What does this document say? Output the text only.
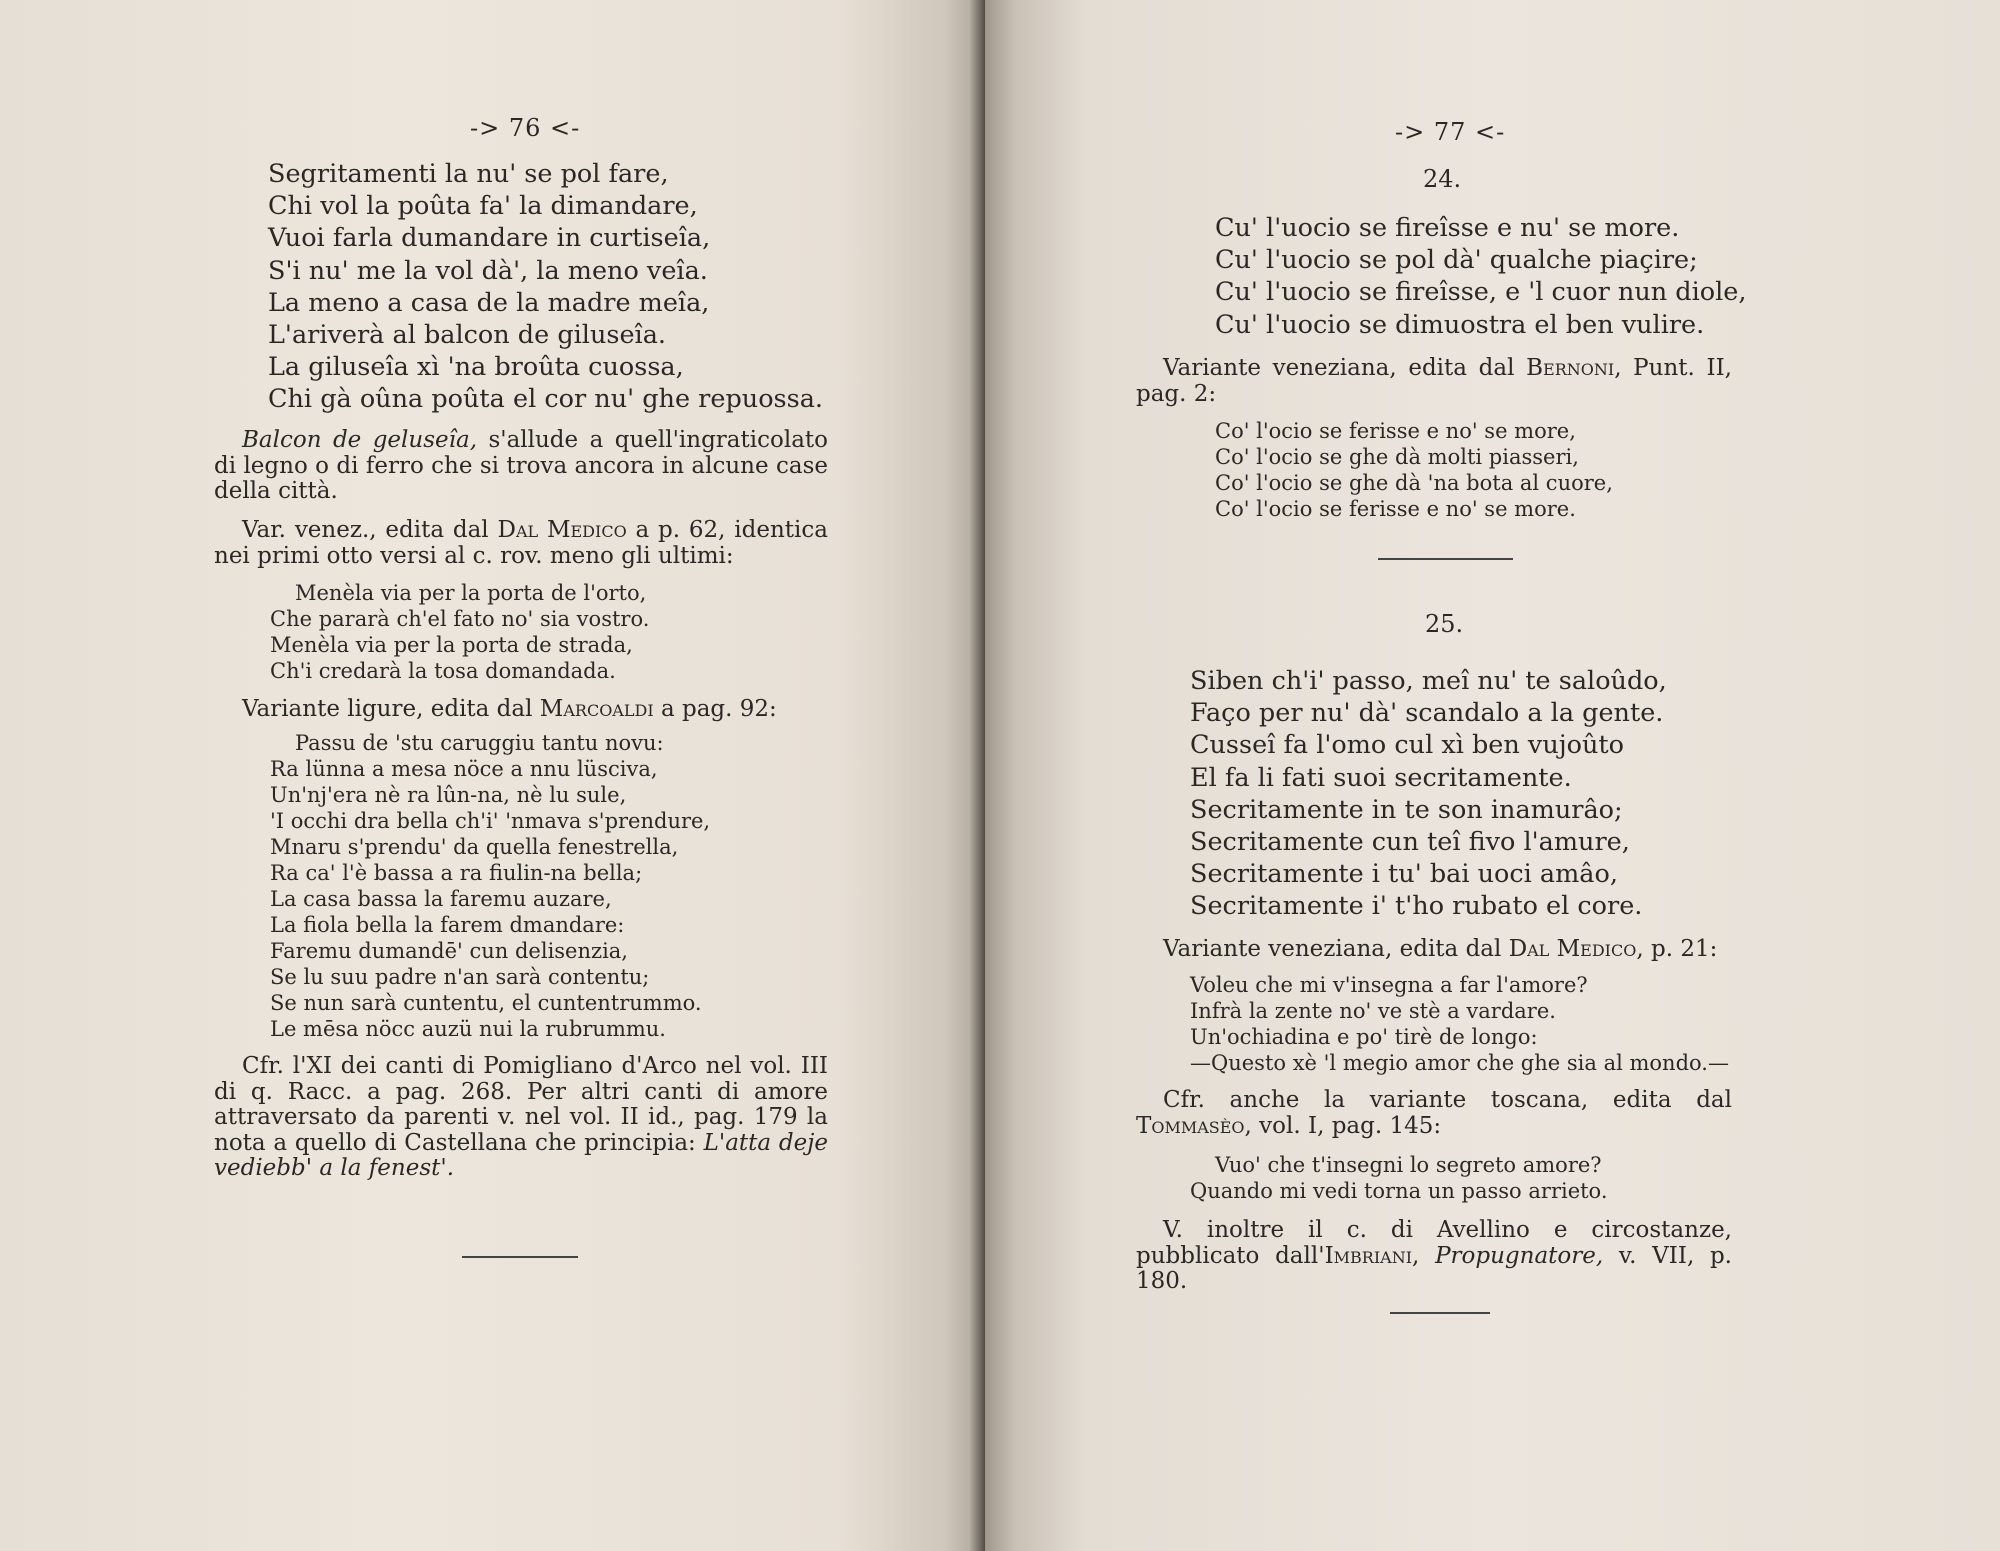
-> 76 <-
Segritamenti la nu' se pol fare,
Chi vol la poûta fa' la dimandare,
Vuoi farla dumandare in curtiseîa,
S'i nu' me la vol dà', la meno veîa.
La meno a casa de la madre meîa,
L'ariverà al balcon de giluseîa.
La giluseîa xì 'na broûta cuossa,
Chi gà oûna poûta el cor nu' ghe repuossa.

Balcon de geluseîa, s'allude a quell'ingraticolato di legno o di ferro che si trova ancora in alcune case della città.

Var. venez., edita dal Dal Medico a p. 62, identica nei primi otto versi al c. rov. meno gli ultimi:

Menèla via per la porta de l'orto,
Che pararà ch'el fato no' sia vostro.
Menèla via per la porta de strada,
Ch'i credarà la tosa domandada.

Variante ligure, edita dal Marcoaldi a pag. 92:

Passu de 'stu caruggiu tantu novu:
Ra lünna a mesa nöce a nnu lüsciva,
Un'nj'era nè ra lûn-na, nè lu sule,
'I occhi dra bella ch'i' 'nmava s'prendure,
Mnaru s'prendu' da quella fenestrella,
Ra ca' l'è bassa a ra fiulin-na bella;
La casa bassa la faremu auzare,
La fiola bella la farem dmandare:
Faremu dumandē' cun delisenzia,
Se lu suu padre n'an sarà contentu;
Se nun sarà cuntentu, el cuntentrummo.
Le mēsa nöcc auzü nui la rubrummu.

Cfr. l'XI dei canti di Pomigliano d'Arco nel vol. III di q. Racc. a pag. 268. Per altri canti di amore attraversato da parenti v. nel vol. II id., pag. 179 la nota a quello di Castellana che principia: L'atta deje vediebb' a la fenest'.

-> 77 <-
24.
Cu' l'uocio se fireîsse e nu' se more.
Cu' l'uocio se pol dà' qualche piaçire;
Cu' l'uocio se fireîsse, e 'l cuor nun diole,
Cu' l'uocio se dimuostra el ben vulire.

Variante veneziana, edita dal Bernoni, Punt. II, pag. 2:

Co' l'ocio se ferisse e no' se more,
Co' l'ocio se ghe dà molti piasseri,
Co' l'ocio se ghe dà 'na bota al cuore,
Co' l'ocio se ferisse e no' se more.
25.
Siben ch'i' passo, meî nu' te saloûdo,
Faço per nu' dà' scandalo a la gente.
Cusseî fa l'omo cul xì ben vujoûto
El fa li fati suoi secritamente.
Secritamente in te son inamurâo;
Secritamente cun teî fivo l'amure,
Secritamente i tu' bai uoci amâo,
Secritamente i' t'ho rubato el core.

Variante veneziana, edita dal Dal Medico, p. 21:

Voleu che mi v'insegna a far l'amore?
Infrà la zente no' ve stè a vardare.
Un'ochiadina e po' tirè de longo:
—Questo xè 'l megio amor che ghe sia al mondo.—

Cfr. anche la variante toscana, edita dal Tommasèo, vol. I, pag. 145:

Vuo' che t'insegni lo segreto amore?
Quando mi vedi torna un passo arrieto.

V. inoltre il c. di Avellino e circostanze, pubblicato dall'Imbriani, Propugnatore, v. VII, p. 180.
